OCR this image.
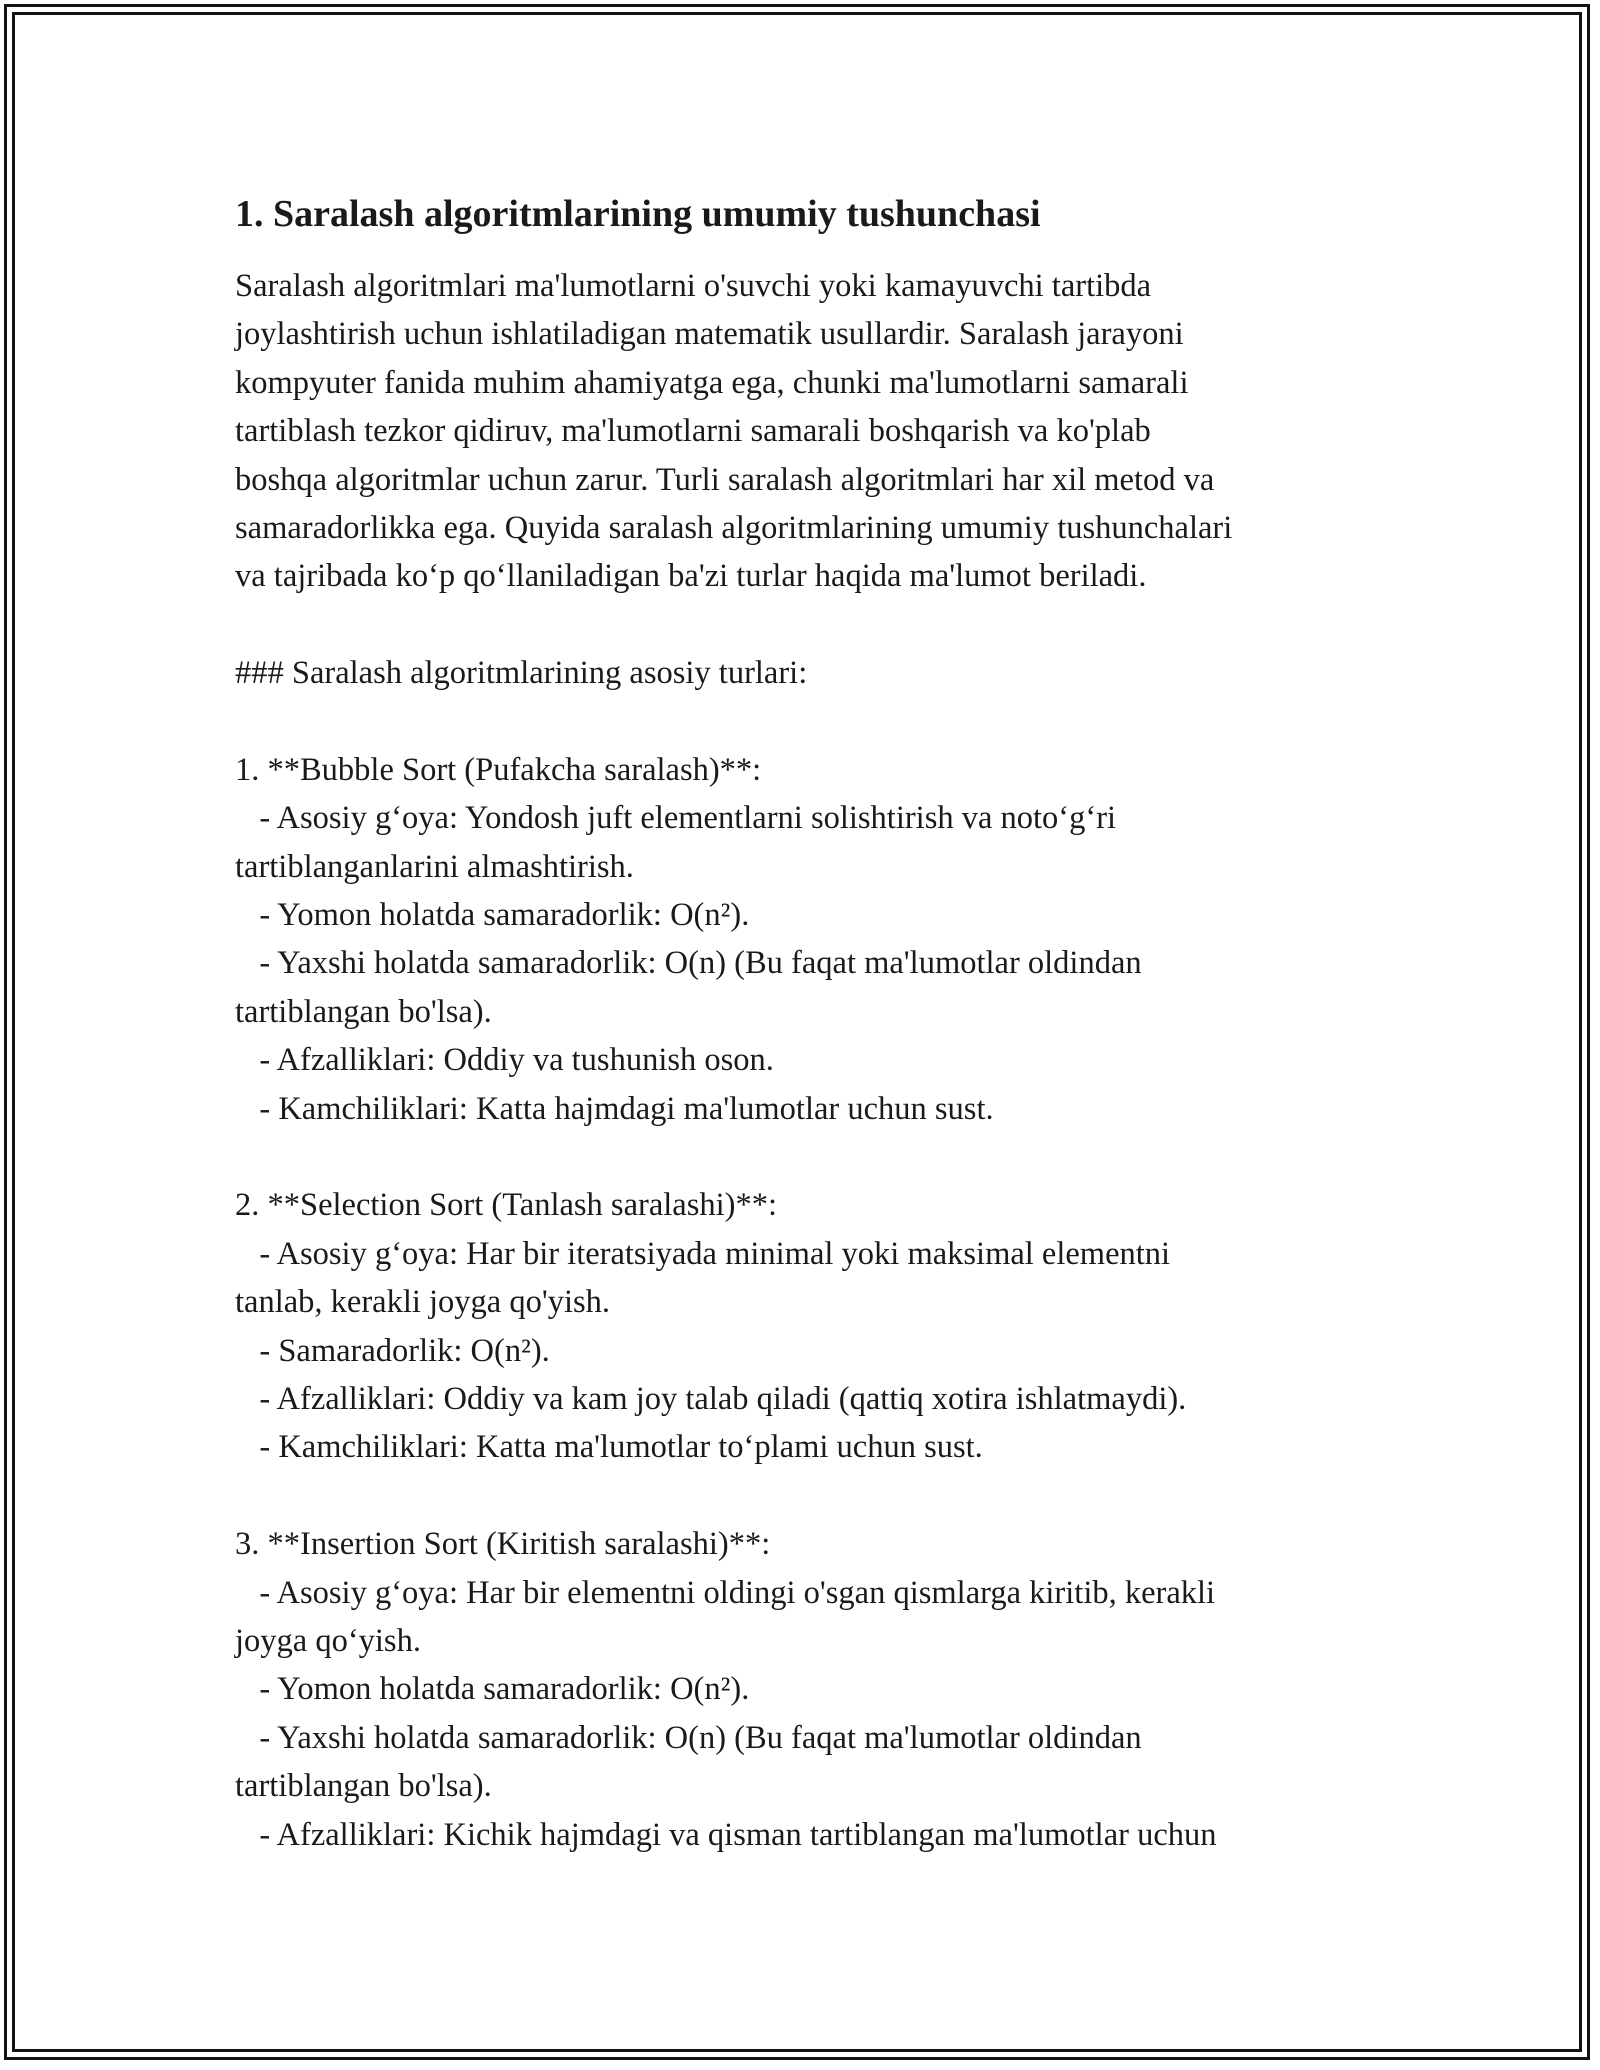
1. Saralash algoritmlarining umumiy tushunchasi
Saralash algoritmlari ma'lumotlarni o'suvchi yoki kamayuvchi tartibda
joylashtirish uchun ishlatiladigan matematik usullardir. Saralash jarayoni
kompyuter fanida muhim ahamiyatga ega, chunki ma'lumotlarni samarali
tartiblash tezkor qidiruv, ma'lumotlarni samarali boshqarish va ko'plab
boshqa algoritmlar uchun zarur. Turli saralash algoritmlari har xil metod va
samaradorlikka ega. Quyida saralash algoritmlarining umumiy tushunchalari
va tajribada koʻp qoʻllaniladigan ba'zi turlar haqida ma'lumot beriladi.
### Saralash algoritmlarining asosiy turlari:
1. **Bubble Sort (Pufakcha saralash)**:
- Asosiy gʻoya: Yondosh juft elementlarni solishtirish va notoʻgʻri
tartiblanganlarini almashtirish.
- Yomon holatda samaradorlik: O(n²).
- Yaxshi holatda samaradorlik: O(n) (Bu faqat ma'lumotlar oldindan
tartiblangan bo'lsa).
- Afzalliklari: Oddiy va tushunish oson.
- Kamchiliklari: Katta hajmdagi ma'lumotlar uchun sust.
2. **Selection Sort (Tanlash saralashi)**:
- Asosiy gʻoya: Har bir iteratsiyada minimal yoki maksimal elementni
tanlab, kerakli joyga qo'yish.
- Samaradorlik: O(n²).
- Afzalliklari: Oddiy va kam joy talab qiladi (qattiq xotira ishlatmaydi).
- Kamchiliklari: Katta ma'lumotlar toʻplami uchun sust.
3. **Insertion Sort (Kiritish saralashi)**:
- Asosiy gʻoya: Har bir elementni oldingi o'sgan qismlarga kiritib, kerakli
joyga qoʻyish.
- Yomon holatda samaradorlik: O(n²).
- Yaxshi holatda samaradorlik: O(n) (Bu faqat ma'lumotlar oldindan
tartiblangan bo'lsa).
- Afzalliklari: Kichik hajmdagi va qisman tartiblangan ma'lumotlar uchun
